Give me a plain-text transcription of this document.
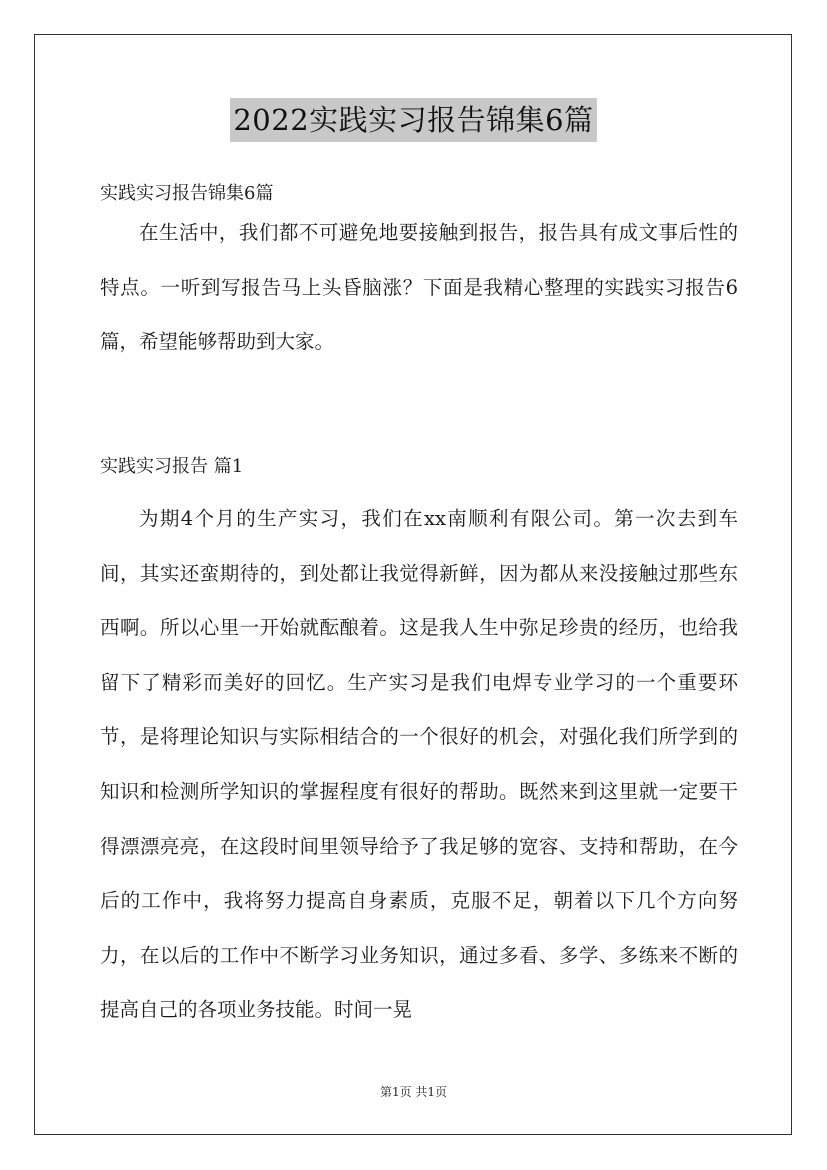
2022实践实习报告锦集6篇
实践实习报告锦集6篇

在生活中，我们都不可避免地要接触到报告，报告具有成文事后性的特点。一听到写报告马上头昏脑涨？下面是我精心整理的实践实习报告6篇，希望能够帮助到大家。

实践实习报告 篇1

为期4个月的生产实习，我们在xx南顺利有限公司。第一次去到车间，其实还蛮期待的，到处都让我觉得新鲜，因为都从来没接触过那些东西啊。所以心里一开始就酝酿着。这是我人生中弥足珍贵的经历，也给我留下了精彩而美好的回忆。生产实习是我们电焊专业学习的一个重要环节，是将理论知识与实际相结合的一个很好的机会，对强化我们所学到的知识和检测所学知识的掌握程度有很好的帮助。既然来到这里就一定要干得漂漂亮亮，在这段时间里领导给予了我足够的宽容、支持和帮助，在今后的工作中，我将努力提高自身素质，克服不足，朝着以下几个方向努力，在以后的工作中不断学习业务知识，通过多看、多学、多练来不断的提高自己的各项业务技能。时间一晃

第1页 共1页
